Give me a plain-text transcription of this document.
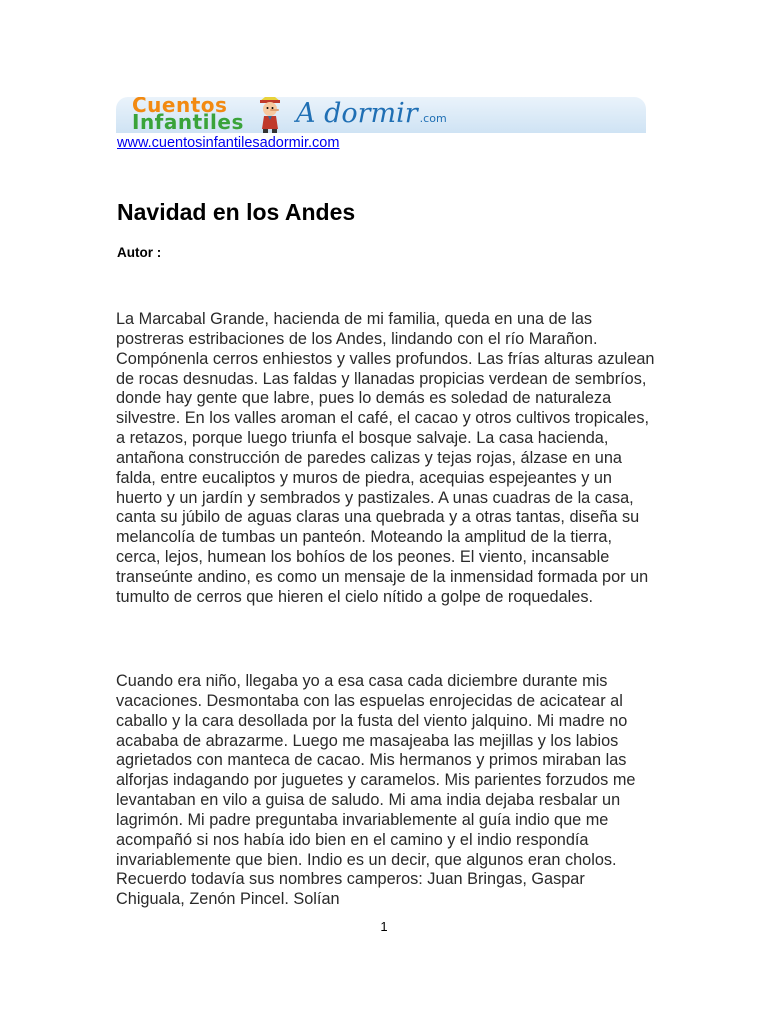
Cuentos
Infantiles A dormir .com
www.cuentosinfantilesadormir.com
Navidad en los Andes
Autor :

La Marcabal Grande, hacienda de mi familia, queda en una de las postreras estribaciones de los Andes, lindando con el río Marañon. Compónenla cerros enhiestos y valles profundos. Las frías alturas azulean de rocas desnudas. Las faldas y llanadas propicias verdean de sembríos, donde hay gente que labre, pues lo demás es soledad de naturaleza silvestre. En los valles aroman el café, el cacao y otros cultivos tropicales, a retazos, porque luego triunfa el bosque salvaje. La casa hacienda, antañona construcción de paredes calizas y tejas rojas, álzase en una falda, entre eucaliptos y muros de piedra, acequias espejeantes y un huerto y un jardín y sembrados y pastizales. A unas cuadras de la casa, canta su júbilo de aguas claras una quebrada y a otras tantas, diseña su melancolía de tumbas un panteón. Moteando la amplitud de la tierra, cerca, lejos, humean los bohíos de los peones. El viento, incansable transeúnte andino, es como un mensaje de la inmensidad formada por un tumulto de cerros que hieren el cielo nítido a golpe de roquedales.

Cuando era niño, llegaba yo a esa casa cada diciembre durante mis vacaciones. Desmontaba con las espuelas enrojecidas de acicatear al caballo y la cara desollada por la fusta del viento jalquino. Mi madre no acababa de abrazarme. Luego me masajeaba las mejillas y los labios agrietados con manteca de cacao. Mis hermanos y primos miraban las alforjas indagando por juguetes y caramelos. Mis parientes forzudos me levantaban en vilo a guisa de saludo. Mi ama india dejaba resbalar un lagrimón. Mi padre preguntaba invariablemente al guía indio que me acompañó si nos había ido bien en el camino y el indio respondía invariablemente que bien. Indio es un decir, que algunos eran cholos. Recuerdo todavía sus nombres camperos: Juan Bringas, Gaspar Chiguala, Zenón Pincel. Solían

1
